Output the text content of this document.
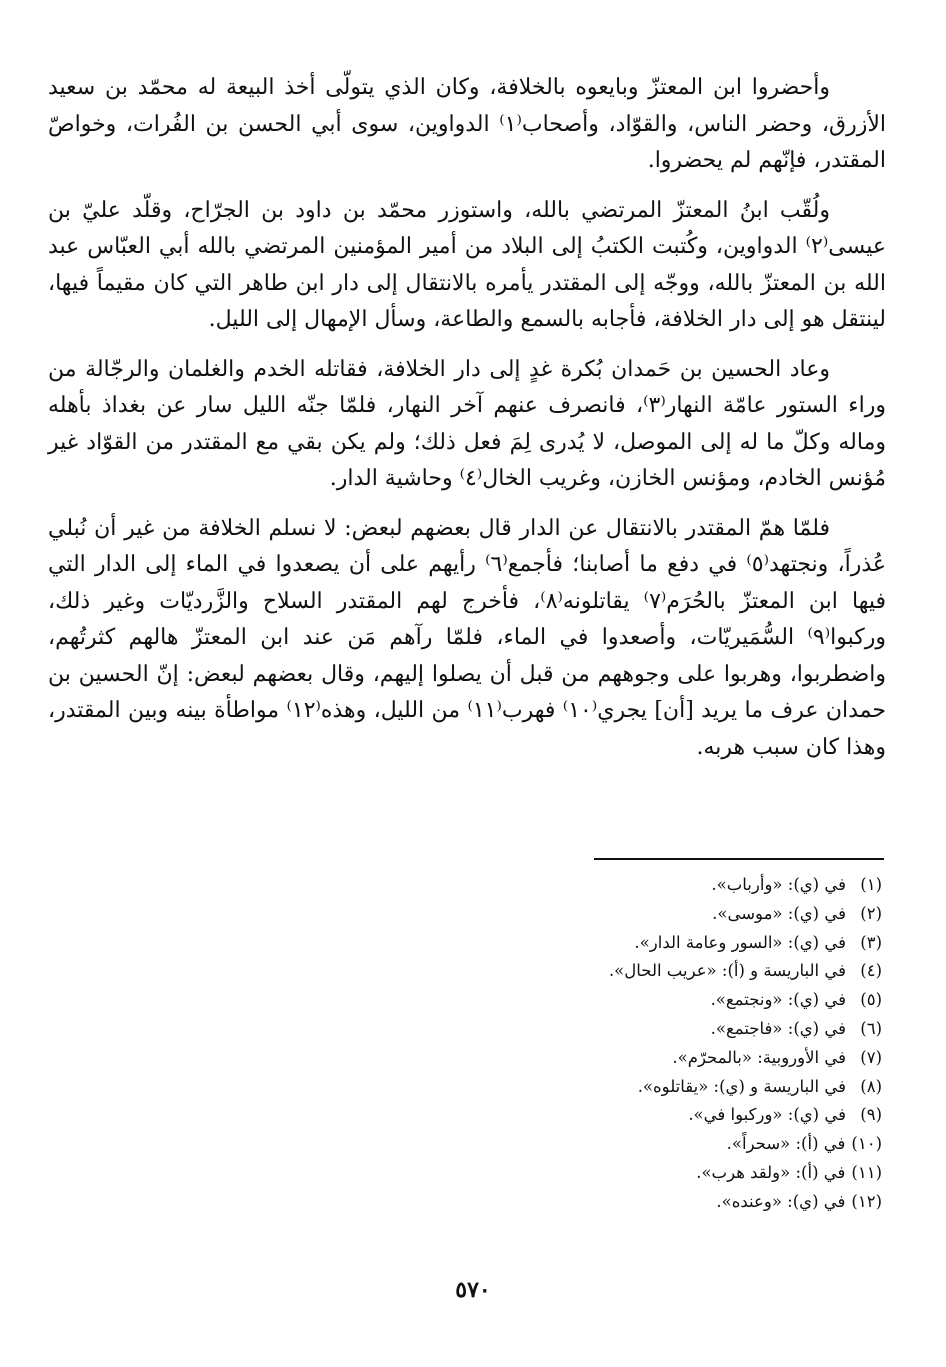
وأحضروا ابن المعتزّ وبايعوه بالخلافة، وكان الذي يتولّى أخذ البيعة له محمّد بن سعيد الأزرق، وحضر الناس، والقوّاد، وأصحاب⁽١⁾ الدواوين، سوى أبي الحسن بن الفُرات، وخواصّ المقتدر، فإنّهم لم يحضروا.

ولُقّب ابنُ المعتزّ المرتضي بالله، واستوزر محمّد بن داود بن الجرّاح، وقلّد عليّ بن عيسى⁽٢⁾ الدواوين، وكُتبت الكتبُ إلى البلاد من أمير المؤمنين المرتضي بالله أبي العبّاس عبد الله بن المعتزّ بالله، ووجّه إلى المقتدر يأمره بالانتقال إلى دار ابن طاهر التي كان مقيماً فيها، لينتقل هو إلى دار الخلافة، فأجابه بالسمع والطاعة، وسأل الإمهال إلى الليل.

وعاد الحسين بن حَمدان بُكرة غدٍ إلى دار الخلافة، فقاتله الخدم والغلمان والرجّالة من وراء الستور عامّة النهار⁽٣⁾، فانصرف عنهم آخر النهار، فلمّا جنّه الليل سار عن بغداذ بأهله وماله وكلّ ما له إلى الموصل، لا يُدرى لِمَ فعل ذلك؛ ولم يكن بقي مع المقتدر من القوّاد غير مُؤنس الخادم، ومؤنس الخازن، وغريب الخال⁽٤⁾ وحاشية الدار.

فلمّا همّ المقتدر بالانتقال عن الدار قال بعضهم لبعض: لا نسلم الخلافة من غير أن نُبلي عُذراً، ونجتهد⁽٥⁾ في دفع ما أصابنا؛ فأجمع⁽٦⁾ رأيهم على أن يصعدوا في الماء إلى الدار التي فيها ابن المعتزّ بالحُرَم⁽٧⁾ يقاتلونه⁽٨⁾، فأخرج لهم المقتدر السلاح والزَّرديّات وغير ذلك، وركبوا⁽٩⁾ السُّمَيريّات، وأصعدوا في الماء، فلمّا رآهم مَن عند ابن المعتزّ هالهم كثرتُهم، واضطربوا، وهربوا على وجوههم من قبل أن يصلوا إليهم، وقال بعضهم لبعض: إنّ الحسين بن حمدان عرف ما يريد [أن] يجري⁽١٠⁾ فهرب⁽١١⁾ من الليل، وهذه⁽١٢⁾ مواطأة بينه وبين المقتدر، وهذا كان سبب هربه.

(١)في (ي): «وأرباب».
(٢)في (ي): «موسى».
(٣)في (ي): «السور وعامة الدار».
(٤)في الباريسة و (أ): «عريب الحال».
(٥)في (ي): «ونجتمع».
(٦)في (ي): «فاجتمع».
(٧)في الأوروبية: «بالمحرّم».
(٨)في الباريسة و (ي): «يقاتلوه».
(٩)في (ي): «وركبوا في».
(١٠)في (أ): «سحراً».
(١١)في (أ): «ولقد هرب».
(١٢)في (ي): «وعنده».
٥٧٠
